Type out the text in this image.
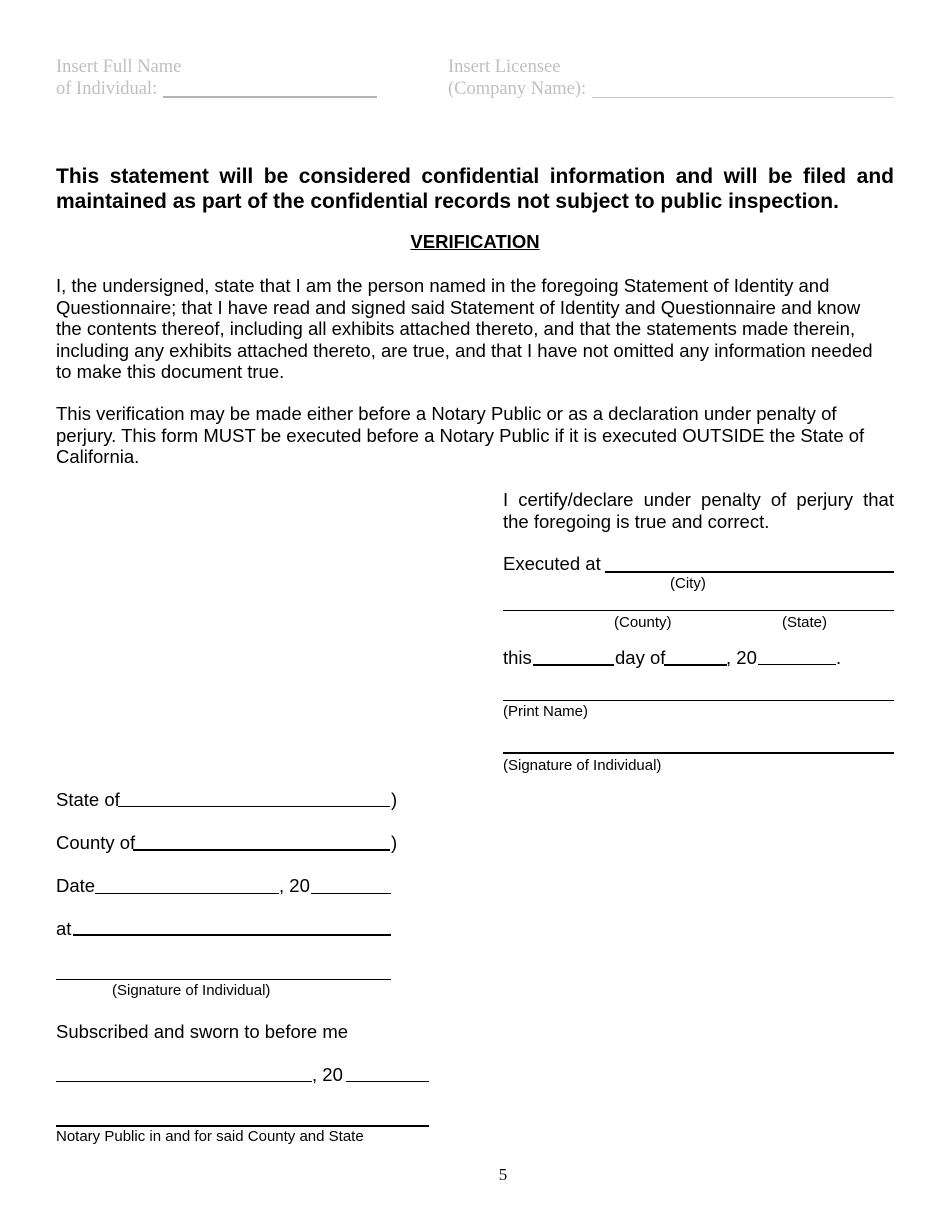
Insert Full Name
of Individual:
Insert Licensee
(Company Name):
This statement will be considered confidential information and will be filed and
maintained as part of the confidential records not subject to public inspection.
VERIFICATION
I, the undersigned, state that I am the person named in the foregoing Statement of Identity and
Questionnaire; that I have read and signed said Statement of Identity and Questionnaire and know
the contents thereof, including all exhibits attached thereto, and that the statements made therein,
including any exhibits attached thereto, are true, and that I have not omitted any information needed
to make this document true.
This verification may be made either before a Notary Public or as a declaration under penalty of
perjury. This form MUST be executed before a Notary Public if it is executed OUTSIDE the State of
California.
I certify/declare under penalty of perjury that
the foregoing is true and correct.
Executed at
(City)
(County)	(State)
this	day of	, 20	.
(Print Name)
(Signature of Individual)
State of	)
County of	)
Date	, 20
at
(Signature of Individual)
Subscribed and sworn to before me
, 20
Notary Public in and for said County and State
5
